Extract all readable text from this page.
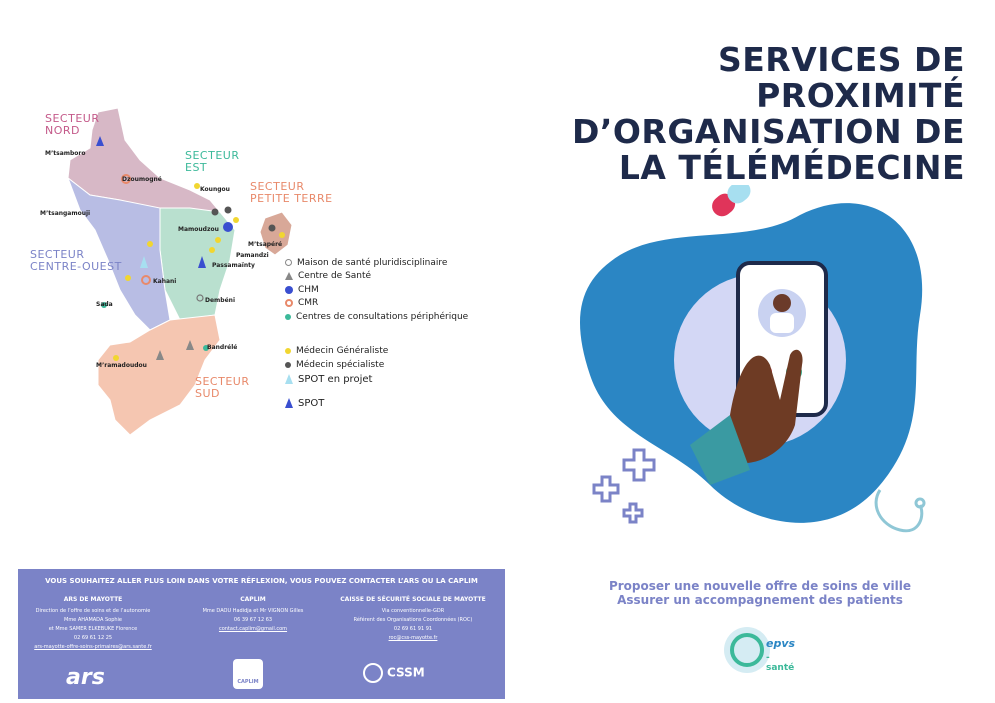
SERVICES DE
PROXIMITÉ
D’ORGANISATION DE
LA TÉLÉMÉDECINE
SECTEUR
NORD
SECTEUR
EST
SECTEUR
PETITE TERRE
SECTEUR
CENTRE-OUEST
SECTEUR
SUD
M’tsamboro
Dzoumogné
Koungou
M’tsangamouji
Mamoudzou
M’tsapéré
Pamandzi
Passamaïnty
Kahani
Dembéni
Sada
Bandrélé
M’ramadoudou
Maison de santé pluridisciplinaire
Centre de Santé
CHM
CMR
Centres de consultations périphérique
Médecin Généraliste
Médecin spécialiste
SPOT en projet
SPOT
VOUS SOUHAITEZ ALLER PLUS LOIN DANS VOTRE RÉFLEXION, VOUS POUVEZ CONTACTER L’ARS OU LA CAPLIM
ARS DE MAYOTTE
Direction de l’offre de soins et de l’autonomie
Mme AHAMADA Sophie
et Mme SAMER ELKEBUKE Florence
02 69 61 12 25
ars-mayotte-offre-soins-primaires@ars.sante.fr
CAPLIM
Mme DAOU Hadidja et Mr VIGNON Gilles
06 39 67 12 63
contact.caplim@gmail.com
CAISSE DE SÉCURITÉ SOCIALE DE MAYOTTE
Via conventionnelle-GDR
Référent des Organisations Coordonnées (ROC)
02 69 61 91 91
roc@css-mayotte.fr
ars	CAPLIM
CSSM
Proposer une nouvelle offre de soins de ville
Assurer un accompagnement des patients
epvs
-santé
